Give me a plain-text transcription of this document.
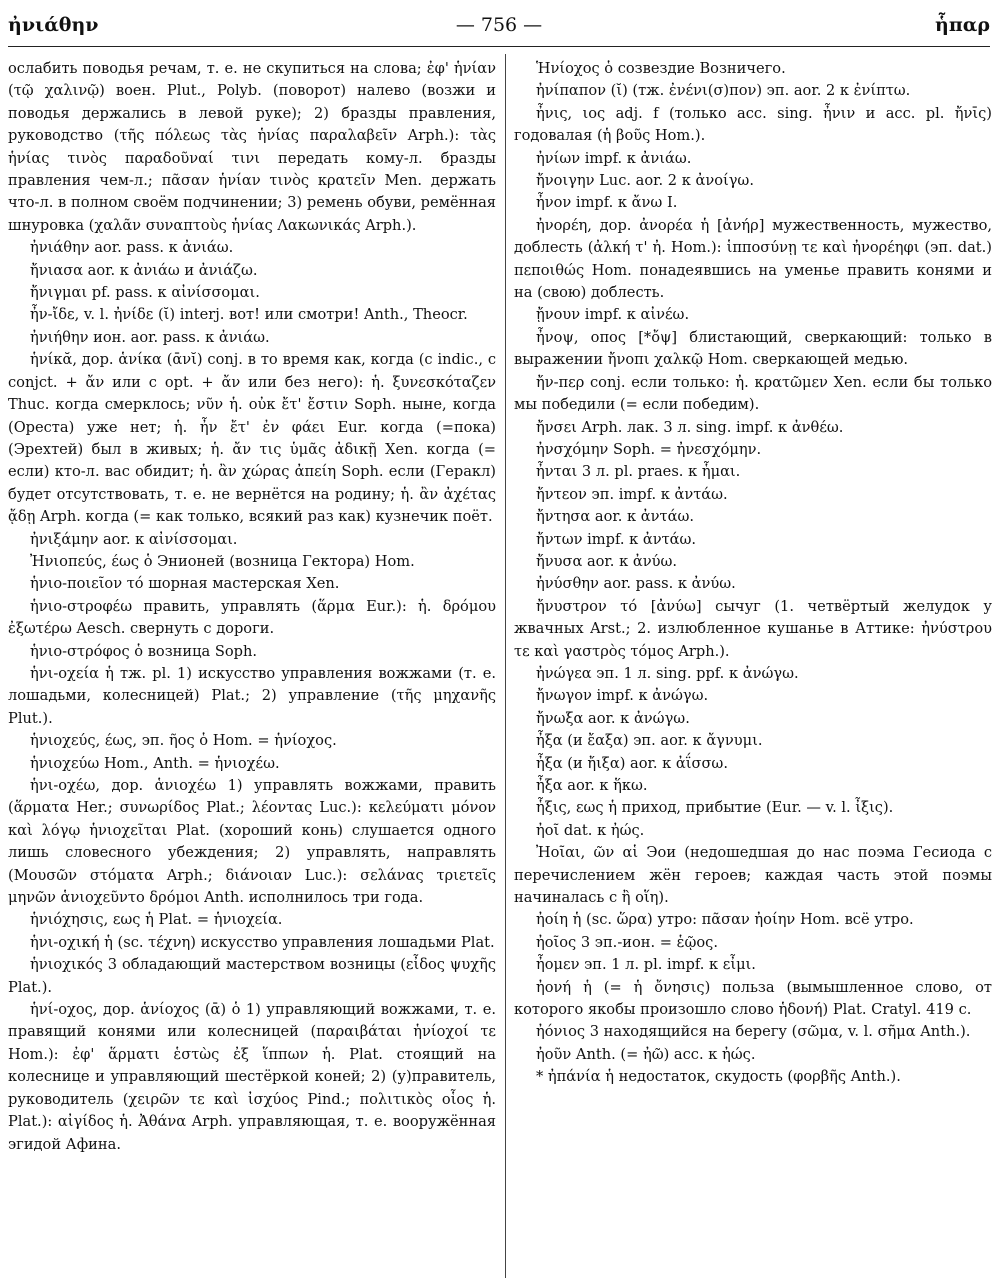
ἠνιάθην	— 756 —	ἧπαρ

ослабить поводья речам, т. е. не скупиться на слова; ἐφ' ἡνίαν (τῷ χαλινῷ) воен. Plut., Polyb. (поворот) налево (возжи и поводья держались в левой руке); 2) бразды правления, руководство (τῆς πόλεως τὰς ἡνίας παραλαβεῖν Arph.): τὰς ἡνίας τινὸς παραδοῦναί τινι передать кому-л. бразды правления чем-л.; πᾶσαν ἡνίαν τινὸς κρατεῖν Men. держать что-л. в полном своём подчинении; 3) ремень обуви, ремённая шнуровка (χαλᾶν συναπτοὺς ἡνίας Λακωνικάς Arph.).

ἠνιάθην aor. pass. к ἀνιάω.

ἤνιασα aor. к ἀνιάω и ἀνιάζω.

ἤνιγμαι pf. pass. к αἰνίσσομαι.

ἦν-ἴδε, v. l. ἠνίδε (ῐ) interj. вот! или смотри! Anth., Theocr.

ἠνιήθην ион. aor. pass. к ἀνιάω.

ἡνίκᾰ, дор. ἁνίκα (ᾱνῐ) conj. в то время как, когда (с indic., с conjct. + ἄν или с opt. + ἄν или без него): ἡ. ξυνεσκόταζεν Thuc. когда смерклось; νῦν ἡ. οὐκ ἔτ' ἔστιν Soph. ныне, когда (Ореста) уже нет; ἡ. ἦν ἔτ' ἐν φάει Eur. когда (=пока) (Эрехтей) был в живых; ἡ. ἄν τις ὑμᾶς ἀδικῇ Xen. когда (= если) кто-л. вас обидит; ἡ. ἂν χώρας ἀπείη Soph. если (Геракл) будет отсутствовать, т. е. не вернётся на родину; ἡ. ἂν ἀχέτας ᾄδῃ Arph. когда (= как только, всякий раз как) кузнечик поёт.

ἠνιξάμην aor. к αἰνίσσομαι.

Ἠνιοπεύς, έως ὁ Энионей (возница Гектора) Hom.

ἡνιο-ποιεῖον τό шорная мастерская Xen.

ἡνιο-στροφέω править, управлять (ἅρμα Eur.): ἡ. δρόμου ἐξωτέρω Aesch. свернуть с дороги.

ἡνιο-στρόφος ὁ возница Soph.

ἡνι-οχεία ἡ тж. pl. 1) искусство управления вожжами (т. е. лошадьми, колесницей) Plat.; 2) управление (τῆς μηχανῆς Plut.).

ἡνιοχεύς, έως, эп. ῆος ὁ Hom. = ἡνίοχος.

ἡνιοχεύω Hom., Anth. = ἡνιοχέω.

ἡνι-οχέω, дор. ἁνιοχέω 1) управлять вожжами, править (ἅρματα Her.; συνωρίδος Plat.; λέοντας Luc.): κελεύματι μόνον καὶ λόγῳ ἡνιοχεῖται Plat. (хороший конь) слушается одного лишь словесного убеждения; 2) управлять, направлять (Μουσῶν στόματα Arph.; διάνοιαν Luc.): σελάνας τριετεῖς μηνῶν ἁνιοχεῦντο δρόμοι Anth. исполнилось три года.

ἡνιόχησις, εως ἡ Plat. = ἡνιοχεία.

ἡνι-οχική ἡ (sc. τέχνη) искусство управления лошадьми Plat.

ἡνιοχικός 3 обладающий мастерством возницы (εἶδος ψυχῆς Plat.).

ἡνί-οχος, дор. ἁνίοχος (ᾱ) ὁ 1) управляющий вожжами, т. е. правящий конями или колесницей (παραιβάται ἡνίοχοί τε Hom.): ἐφ' ἅρματι ἑστὼς ἐξ ἵππων ἡ. Plat. стоящий на колеснице и управляющий шестёркой коней; 2) (у)правитель, руководитель (χειρῶν τε καὶ ἰσχύος Pind.; πολιτικὸς οἷος ἡ. Plat.): αἰγίδος ἡ. Ἀθάνα Arph. управляющая, т. е. вооружённая эгидой Афина.

Ἡνίοχος ὁ созвездие Возничего.

ἠνίπαπον (ῐ) (тж. ἐνένι(σ)πον) эп. aor. 2 к ἐνίπτω.

ἦνις, ιος adj. f (только acc. sing. ἦνιν и acc. pl. ἤνῑς) годовалая (ἡ βοῦς Hom.).

ἠνίων impf. к ἀνιάω.

ἤνοιγην Luc. aor. 2 к ἀνοίγω.

ἦνον impf. к ἄνω I.

ἠνορέη, дор. ἀνορέα ἡ [ἀνήρ] мужественность, мужество, доблесть (ἀλκή τ' ἠ. Hom.): ἱπποσύνῃ τε καὶ ἠνορέηφι (эп. dat.) πεποιθώς Hom. понадеявшись на уменье править конями и на (свою) доблесть.

ᾔνουν impf. к αἰνέω.

ἦνοψ, οπος [*ὄψ] блистающий, сверкающий: только в выражении ἤνοπι χαλκῷ Hom. сверкающей медью.

ἤν-περ conj. если только: ἠ. κρατῶμεν Xen. если бы только мы победили (= если победим).

ἤνσει Arph. лак. 3 л. sing. impf. к ἀνθέω.

ἠνσχόμην Soph. = ἠνεσχόμην.

ἦνται 3 л. pl. praes. к ἧμαι.

ἤντεον эп. impf. к ἀντάω.

ἤντησα aor. к ἀντάω.

ἤντων impf. к ἀντάω.

ἤνυσα aor. к ἀνύω.

ἠνύσθην aor. pass. к ἀνύω.

ἤνυστρον τό [ἀνύω] сычуг (1. четвёртый желудок у жвачных Arst.; 2. излюбленное кушанье в Аттике: ἠνύστρου τε καὶ γαστρὸς τόμος Arph.).

ἠνώγεα эп. 1 л. sing. ppf. к ἀνώγω.

ἤνωγον impf. к ἀνώγω.

ἤνωξα aor. к ἀνώγω.

ἦξα (и ἔαξα) эп. aor. к ἄγνυμι.

ἦξα (и ἤιξα) aor. к ἀΐσσω.

ἦξα aor. к ἥκω.

ἧξις, εως ἡ приход, прибытие (Eur. — v. l. ἶξις).

ἠοῖ dat. к ἠώς.

Ἠοῖαι, ῶν αἱ Эои (недошедшая до нас поэма Гесиода с перечислением жён героев; каждая часть этой поэмы начиналась с ἢ οἵη).

ἠοίη ἡ (sc. ὥρα) утро: πᾶσαν ἠοίην Hom. всё утро.

ἠοῖος 3 эп.-ион. = ἑῷος.

ἦομεν эп. 1 л. pl. impf. к εἶμι.

ἠονή ἡ (= ἡ ὄνησις) польза (вымышленное слово, от которого якобы произошло слово ἡδονή) Plat. Cratyl. 419 c.

ἠόνιος 3 находящийся на берегу (σῶμα, v. l. σῆμα Anth.).

ἠοῦν Anth. (= ἠῶ) acc. к ἠώς.

* ἠπάνία ἡ недостаток, скудость (φορβῆς Anth.).
